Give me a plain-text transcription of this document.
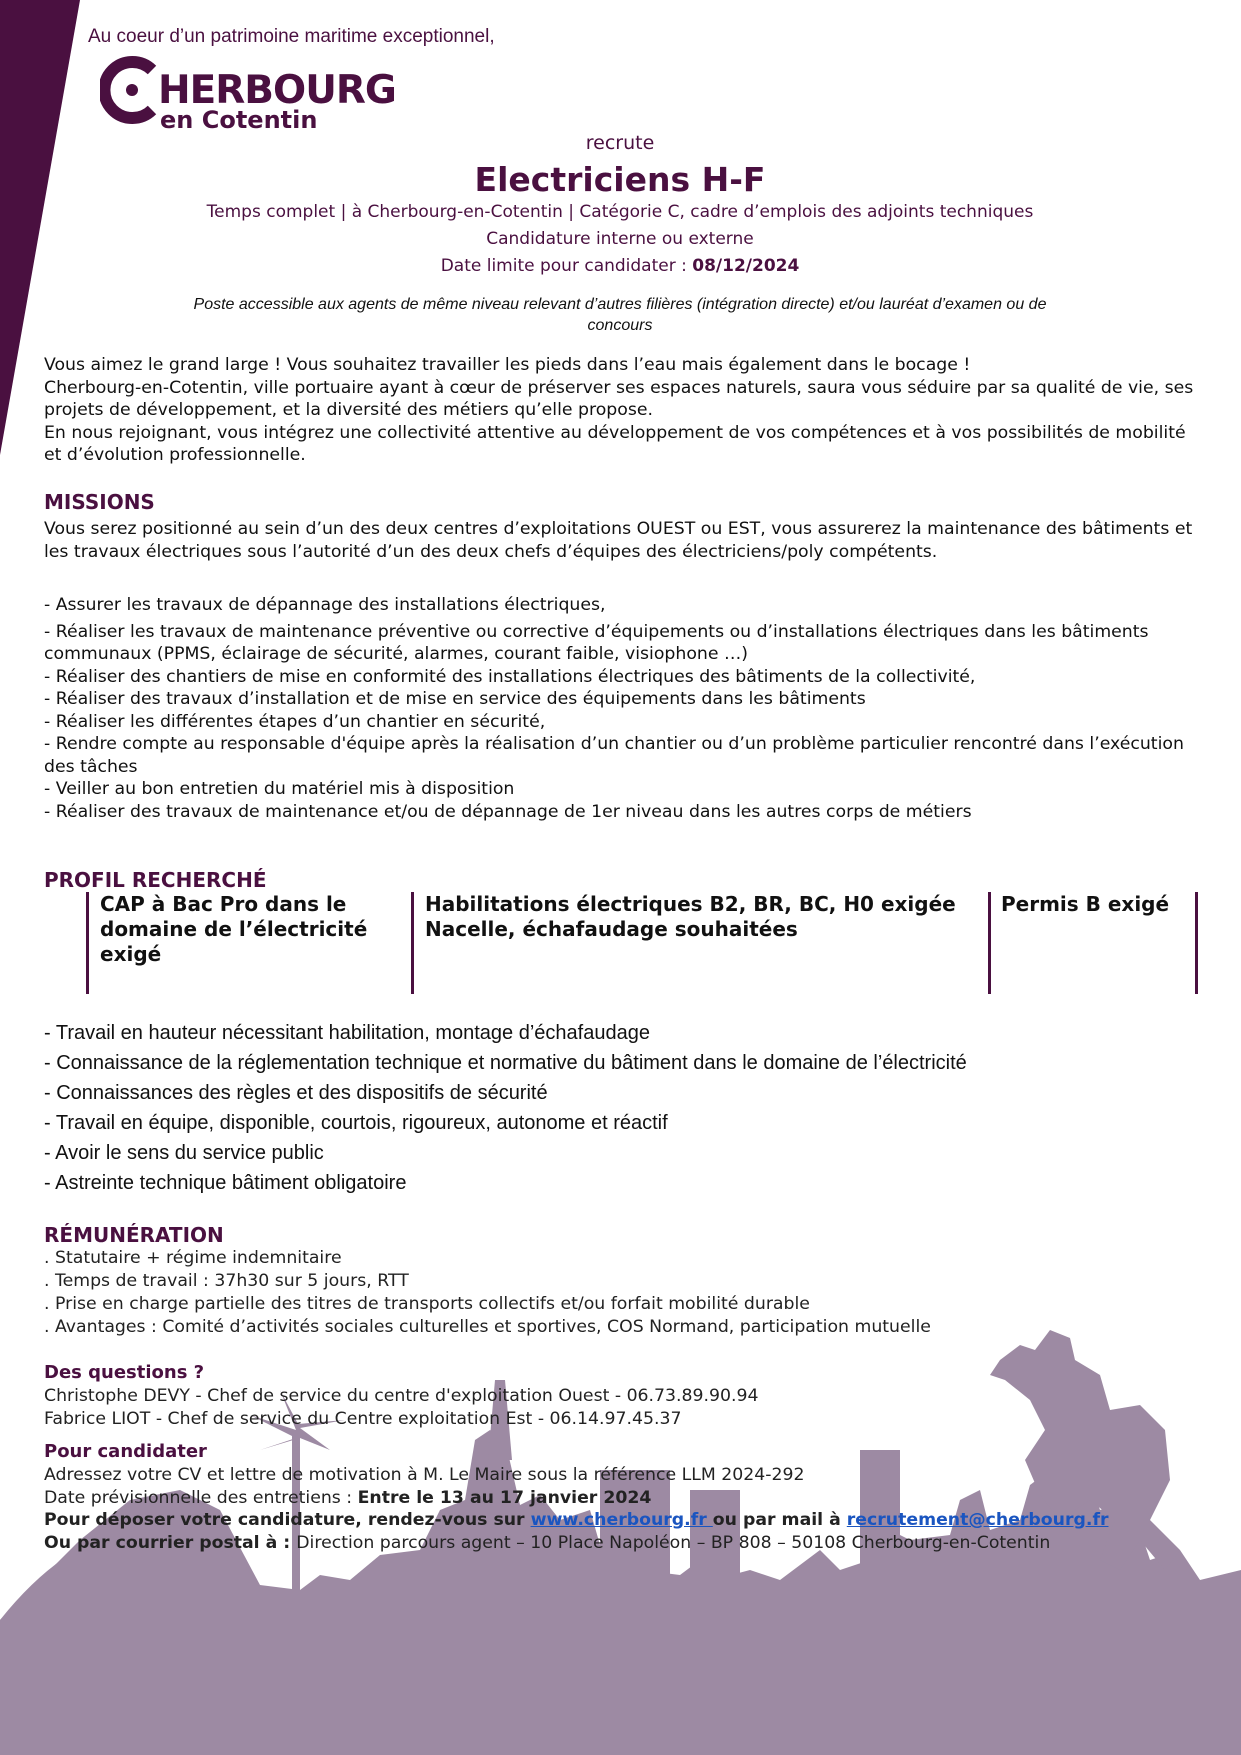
Au coeur d’un patrimoine maritime exceptionnel,
HERBOURG
en Cotentin
recrute
Electriciens H-F
Temps complet | à Cherbourg-en-Cotentin | Catégorie C, cadre d’emplois des adjoints techniques
Candidature interne ou externe
Date limite pour candidater : 08/12/2024
Poste accessible aux agents de même niveau relevant d’autres filières (intégration directe) et/ou lauréat d’examen ou de concours
Vous aimez le grand large ! Vous souhaitez travailler les pieds dans l’eau mais également dans le bocage !
Cherbourg-en-Cotentin, ville portuaire ayant à cœur de préserver ses espaces naturels, saura vous séduire par sa qualité de vie, ses projets de développement, et la diversité des métiers qu’elle propose.
En nous rejoignant, vous intégrez une collectivité attentive au développement de vos compétences et à vos possibilités de mobilité et d’évolution professionnelle.
MISSIONS
Vous serez positionné au sein d’un des deux centres d’exploitations OUEST ou EST, vous assurerez la maintenance des bâtiments et les travaux électriques sous l’autorité d’un des deux chefs d’équipes des électriciens/poly compétents.

- Assurer les travaux de dépannage des installations électriques,

- Réaliser les travaux de maintenance préventive ou corrective d’équipements ou d’installations électriques dans les bâtiments communaux (PPMS, éclairage de sécurité, alarmes, courant faible, visiophone …)

- Réaliser des chantiers de mise en conformité des installations électriques des bâtiments de la collectivité,

- Réaliser des travaux d’installation et de mise en service des équipements dans les bâtiments

- Réaliser les différentes étapes d’un chantier en sécurité,

- Rendre compte au responsable d'équipe après la réalisation d’un chantier ou d’un problème particulier rencontré dans l’exécution des tâches

- Veiller au bon entretien du matériel mis à disposition

- Réaliser des travaux de maintenance et/ou de dépannage de 1er niveau dans les autres corps de métiers

PROFIL RECHERCHÉ
CAP à Bac Pro dans le domaine de l’électricité exigé
Habilitations électriques B2, BR, BC, H0 exigée
Nacelle, échafaudage souhaitées
Permis B exigé

- Travail en hauteur nécessitant habilitation, montage d’échafaudage

- Connaissance de la réglementation technique et normative du bâtiment dans le domaine de l’électricité

- Connaissances des règles et des dispositifs de sécurité

- Travail en équipe, disponible, courtois, rigoureux, autonome et réactif

- Avoir le sens du service public

- Astreinte technique bâtiment obligatoire

RÉMUNÉRATION

. Statutaire + régime indemnitaire

. Temps de travail : 37h30 sur 5 jours, RTT

. Prise en charge partielle des titres de transports collectifs et/ou forfait mobilité durable

. Avantages : Comité d’activités sociales culturelles et sportives, COS Normand, participation mutuelle

Des questions ?

Christophe DEVY - Chef de service du centre d'exploitation Ouest - 06.73.89.90.94

Fabrice LIOT - Chef de service du Centre exploitation Est - 06.14.97.45.37

Pour candidater

Adressez votre CV et lettre de motivation à M. Le Maire sous la référence LLM 2024-292

Date prévisionnelle des entretiens : Entre le 13 au 17 janvier 2024

Pour déposer votre candidature, rendez-vous sur www.cherbourg.fr ou par mail à recrutement@cherbourg.fr

Ou par courrier postal à : Direction parcours agent – 10 Place Napoléon – BP 808 – 50108 Cherbourg-en-Cotentin
